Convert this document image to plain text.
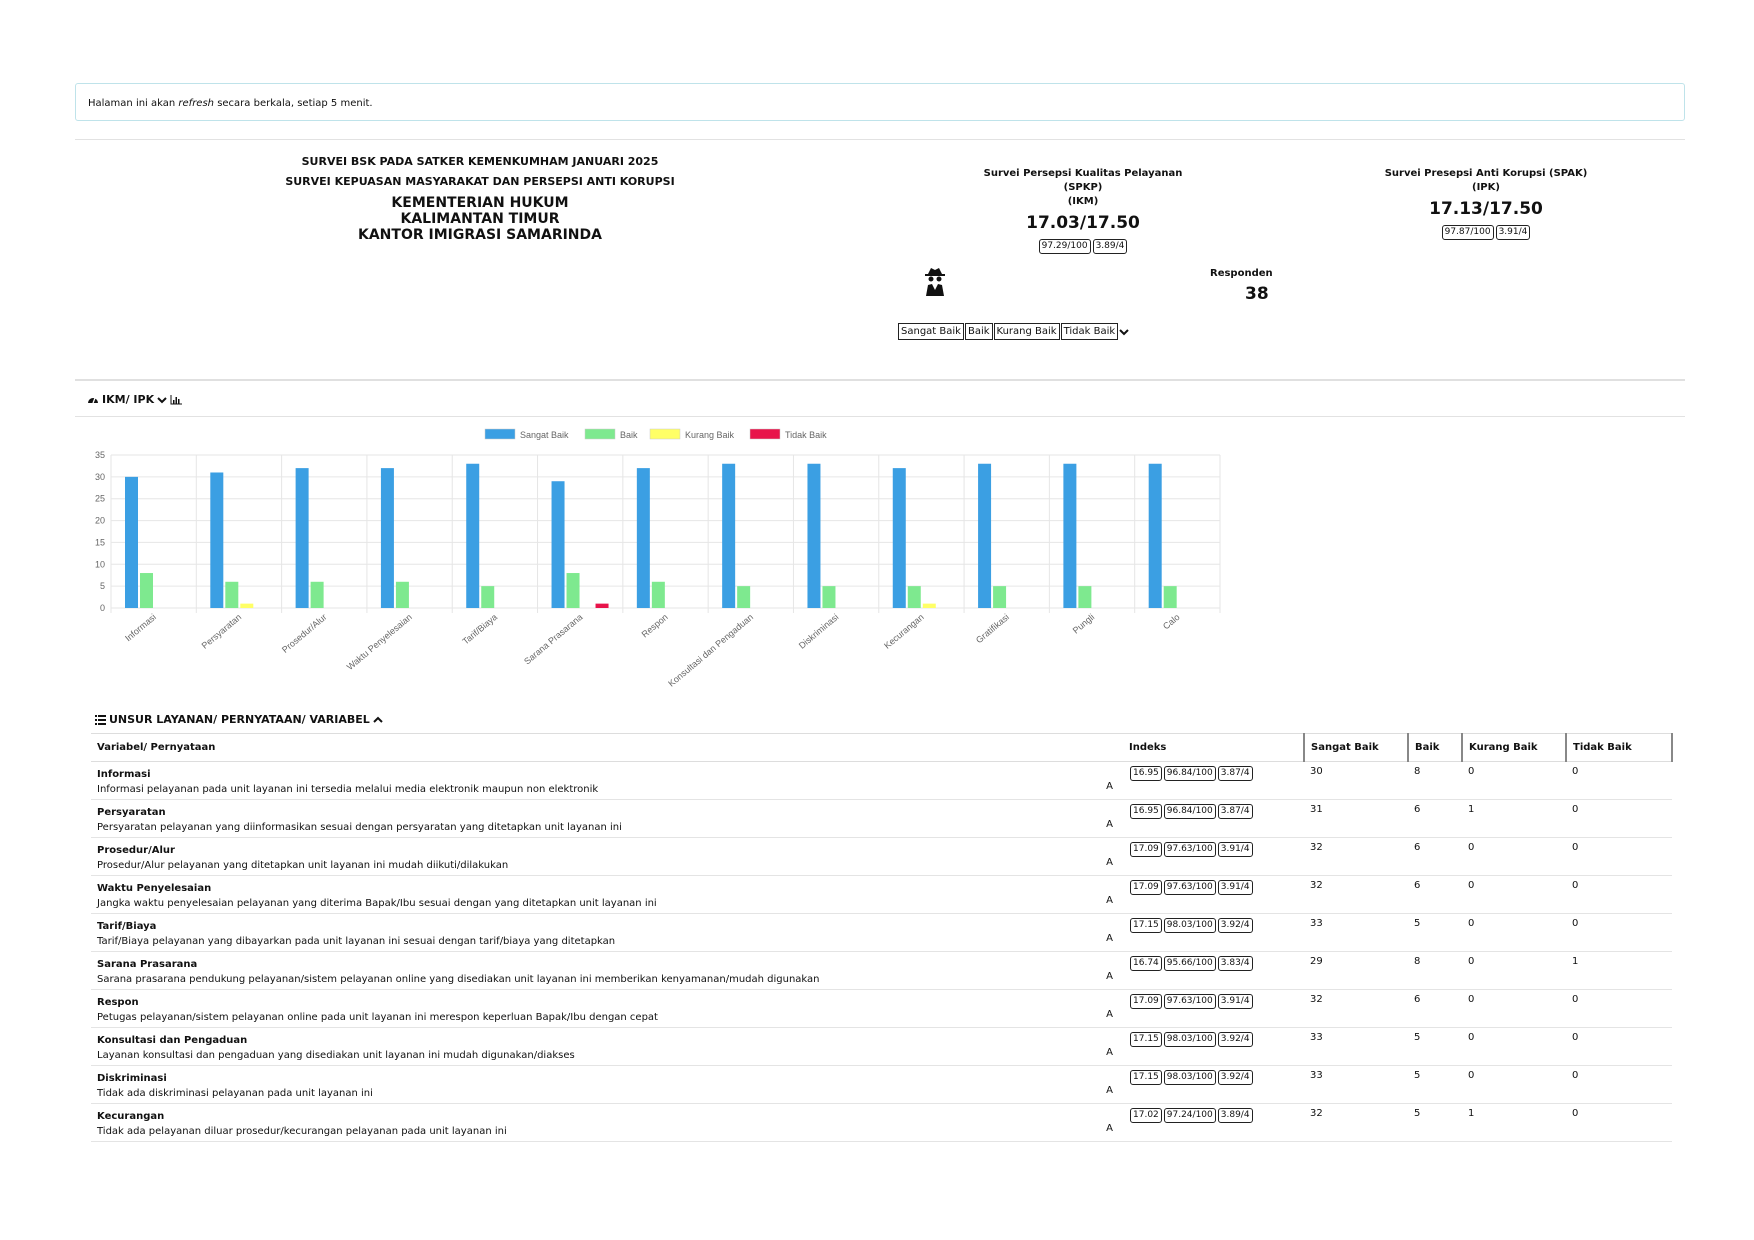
Halaman ini akan refresh secara berkala, setiap 5 menit.
SURVEI BSK PADA SATKER KEMENKUMHAM JANUARI 2025
SURVEI KEPUASAN MASYARAKAT DAN PERSEPSI ANTI KORUPSI
KEMENTERIAN HUKUM
KALIMANTAN TIMUR
KANTOR IMIGRASI SAMARINDA
Survei Persepsi Kualitas Pelayanan (SPKP)
(IKM)
17.03/17.50
97.29/100 3.89/4
Survei Presepsi Anti Korupsi (SPAK)
(IPK)
17.13/17.50
97.87/100 3.91/4
Responden
38
Sangat Baik Baik Kurang Baik Tidak Baik
IKM/ IPK
Sangat Baik	Baik	Kurang Baik	Tidak Baik
0
5
10
15
20
25
30
35
Informasi	Persyaratan	Prosedur/Alur Waktu Penyelesaian	Tarif/Biaya	Sarana Prasarana	Respon
Konsultasi dan Pengaduan	Diskriminasi	Kecurangan	Gratifikasi	Pungli	Calo
UNSUR LAYANAN/ PERNYATAAN/ VARIABEL
Variabel/ Pernyataan	Indeks	Sangat Baik	Baik	Kurang Baik	Tidak Baik

Informasi
Informasi pelayanan pada unit layanan ini tersedia melalui media elektronik maupun non elektronik A	16.95 96.84/100 3.87/4	30	8	0	0

Persyaratan
Persyaratan pelayanan yang diinformasikan sesuai dengan persyaratan yang ditetapkan unit layanan ini A	16.95 96.84/100 3.87/4	31	6	1	0

Prosedur/Alur
Prosedur/Alur pelayanan yang ditetapkan unit layanan ini mudah diikuti/dilakukan A	17.09 97.63/100 3.91/4	32	6	0	0

Waktu Penyelesaian
Jangka waktu penyelesaian pelayanan yang diterima Bapak/Ibu sesuai dengan yang ditetapkan unit layanan ini A	17.09 97.63/100 3.91/4	32	6	0	0

Tarif/Biaya
Tarif/Biaya pelayanan yang dibayarkan pada unit layanan ini sesuai dengan tarif/biaya yang ditetapkan A	17.15 98.03/100 3.92/4	33	5	0	0

Sarana Prasarana
Sarana prasarana pendukung pelayanan/sistem pelayanan online yang disediakan unit layanan ini memberikan kenyamanan/mudah digunakan A	16.74 95.66/100 3.83/4	29	8	0	1

Respon
Petugas pelayanan/sistem pelayanan online pada unit layanan ini merespon keperluan Bapak/Ibu dengan cepat A	17.09 97.63/100 3.91/4	32	6	0	0

Konsultasi dan Pengaduan
Layanan konsultasi dan pengaduan yang disediakan unit layanan ini mudah digunakan/diakses A	17.15 98.03/100 3.92/4	33	5	0	0

Diskriminasi
Tidak ada diskriminasi pelayanan pada unit layanan ini A	17.15 98.03/100 3.92/4	33	5	0	0

Kecurangan
Tidak ada pelayanan diluar prosedur/kecurangan pelayanan pada unit layanan ini A	17.02 97.24/100 3.89/4	32	5	1	0
